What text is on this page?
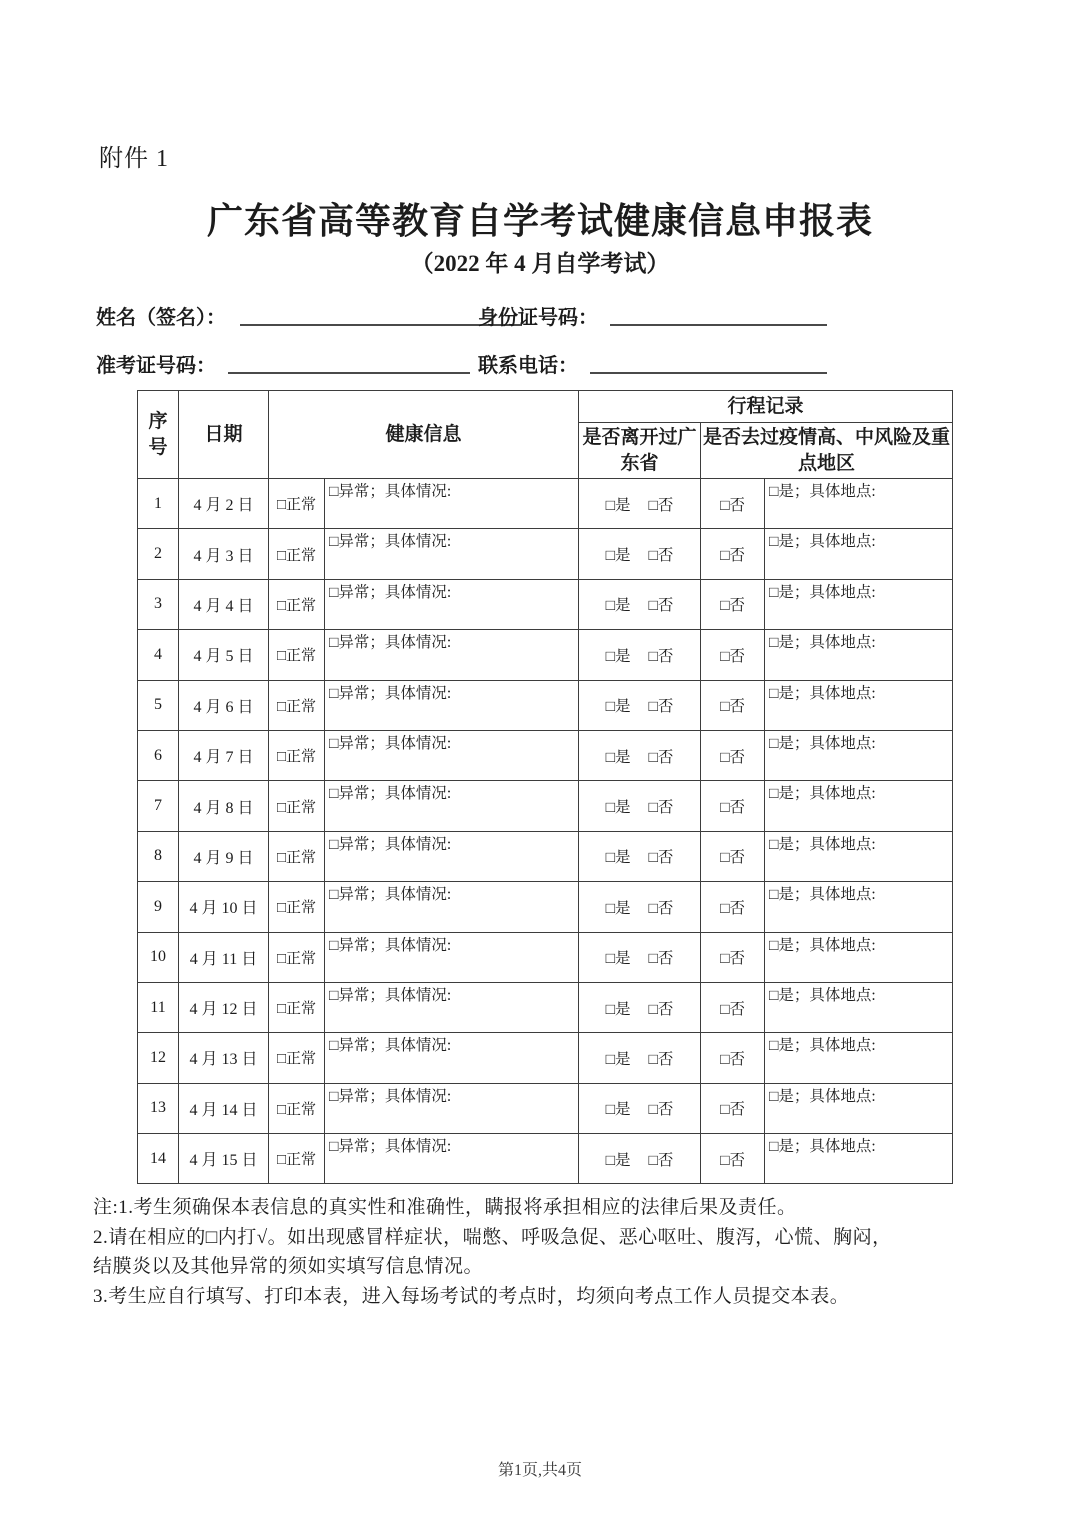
附件 1
广东省高等教育自学考试健康信息申报表
（2022 年 4 月自学考试）
姓名（签名）：	身份证号码：
准考证号码：	联系电话：
序号	日期	健康信息		行程记录		
				是否离开过广东省	是否去过疫情高、中风险及重点地区	
1	4 月 2 日	□正常	□异常；具体情况:	□是 □否	□否	□是；具体地点:
2	4 月 3 日	□正常	□异常；具体情况:	□是 □否	□否	□是；具体地点:
3	4 月 4 日	□正常	□异常；具体情况:	□是 □否	□否	□是；具体地点:
4	4 月 5 日	□正常	□异常；具体情况:	□是 □否	□否	□是；具体地点:
5	4 月 6 日	□正常	□异常；具体情况:	□是 □否	□否	□是；具体地点:
6	4 月 7 日	□正常	□异常；具体情况:	□是 □否	□否	□是；具体地点:
7	4 月 8 日	□正常	□异常；具体情况:	□是 □否	□否	□是；具体地点:
8	4 月 9 日	□正常	□异常；具体情况:	□是 □否	□否	□是；具体地点:
9	4 月 10 日	□正常	□异常；具体情况:	□是 □否	□否	□是；具体地点:
10	4 月 11 日	□正常	□异常；具体情况:	□是 □否	□否	□是；具体地点:
11	4 月 12 日	□正常	□异常；具体情况:	□是 □否	□否	□是；具体地点:
12	4 月 13 日	□正常	□异常；具体情况:	□是 □否	□否	□是；具体地点:
13	4 月 14 日	□正常	□异常；具体情况:	□是 □否	□否	□是；具体地点:
14	4 月 15 日	□正常	□异常；具体情况:	□是 □否	□否	□是；具体地点:
注:1.考生须确保本表信息的真实性和准确性，瞒报将承担相应的法律后果及责任。
2.请在相应的□内打√。如出现感冒样症状，喘憋、呼吸急促、恶心呕吐、腹泻，心慌、胸闷，
结膜炎以及其他异常的须如实填写信息情况。
3.考生应自行填写、打印本表，进入每场考试的考点时，均须向考点工作人员提交本表。
第1页,共4页
